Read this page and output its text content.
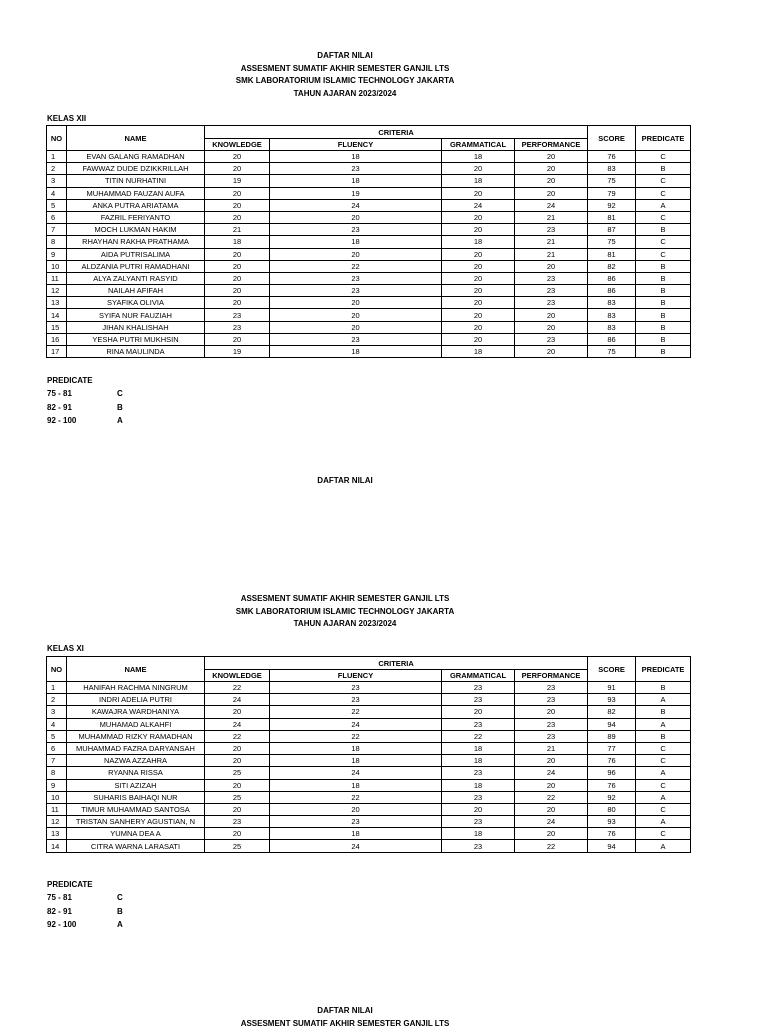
DAFTAR NILAI
ASSESMENT SUMATIF AKHIR SEMESTER GANJIL LTS
SMK LABORATORIUM ISLAMIC TECHNOLOGY JAKARTA
TAHUN AJARAN 2023/2024
KELAS XII
NO	NAME	CRITERIA				SCORE	PREDICATE
		KNOWLEDGE	FLUENCY	GRAMMATICAL	PERFORMANCE		
1	EVAN GALANG RAMADHAN	20	18	18	20	76	C
2	FAWWAZ DUDE DZIKKRILLAH	20	23	20	20	83	B
3	TITIN NURHATINI	19	18	18	20	75	C
4	MUHAMMAD FAUZAN AUFA	20	19	20	20	79	C
5	ANKA PUTRA ARIATAMA	20	24	24	24	92	A
6	FAZRIL FERIYANTO	20	20	20	21	81	C
7	MOCH LUKMAN HAKIM	21	23	20	23	87	B
8	RHAYHAN RAKHA PRATHAMA	18	18	18	21	75	C
9	AIDA PUTRISALIMA	20	20	20	21	81	C
10	ALDZANIA PUTRI RAMADHANI	20	22	20	20	82	B
11	ALYA ZALYANTI RASYID	20	23	20	23	86	B
12	NAILAH AFIFAH	20	23	20	23	86	B
13	SYAFIKA OLIVIA	20	20	20	23	83	B
14	SYIFA NUR FAUZIAH	23	20	20	20	83	B
15	JIHAN KHALISHAH	23	20	20	20	83	B
16	YESHA PUTRI MUKHSIN	20	23	20	23	86	B
17	RINA MAULINDA	19	18	18	20	75	B
PREDICATE
75 - 81	C
82 - 91	B
92 - 100	A
DAFTAR NILAI
ASSESMENT SUMATIF AKHIR SEMESTER GANJIL LTS
SMK LABORATORIUM ISLAMIC TECHNOLOGY JAKARTA
TAHUN AJARAN 2023/2024
KELAS XI
NO	NAME	CRITERIA				SCORE	PREDICATE
		KNOWLEDGE	FLUENCY	GRAMMATICAL	PERFORMANCE		
1	HANIFAH RACHMA NINGRUM	22	23	23	23	91	B
2	INDRI ADELIA PUTRI	24	23	23	23	93	A
3	KAWAJRA WARDHANIYA	20	22	20	20	82	B
4	MUHAMAD ALKAHFI	24	24	23	23	94	A
5	MUHAMMAD RIZKY RAMADHAN	22	22	22	23	89	B
6	MUHAMMAD FAZRA DARYANSAH	20	18	18	21	77	C
7	NAZWA AZZAHRA	20	18	18	20	76	C
8	RYANNA RISSA	25	24	23	24	96	A
9	SITI AZIZAH	20	18	18	20	76	C
10	SUHARIS BAIHAQI NUR	25	22	23	22	92	A
11	TIMUR MUHAMMAD SANTOSA	20	20	20	20	80	C
12	TRISTAN SANHERY AGUSTIAN, N	23	23	23	24	93	A
13	YUMNA DEA A	20	18	18	20	76	C
14	CITRA WARNA LARASATI	25	24	23	22	94	A
PREDICATE
75 - 81	C
82 - 91	B
92 - 100	A
DAFTAR NILAI
ASSESMENT SUMATIF AKHIR SEMESTER GANJIL LTS
